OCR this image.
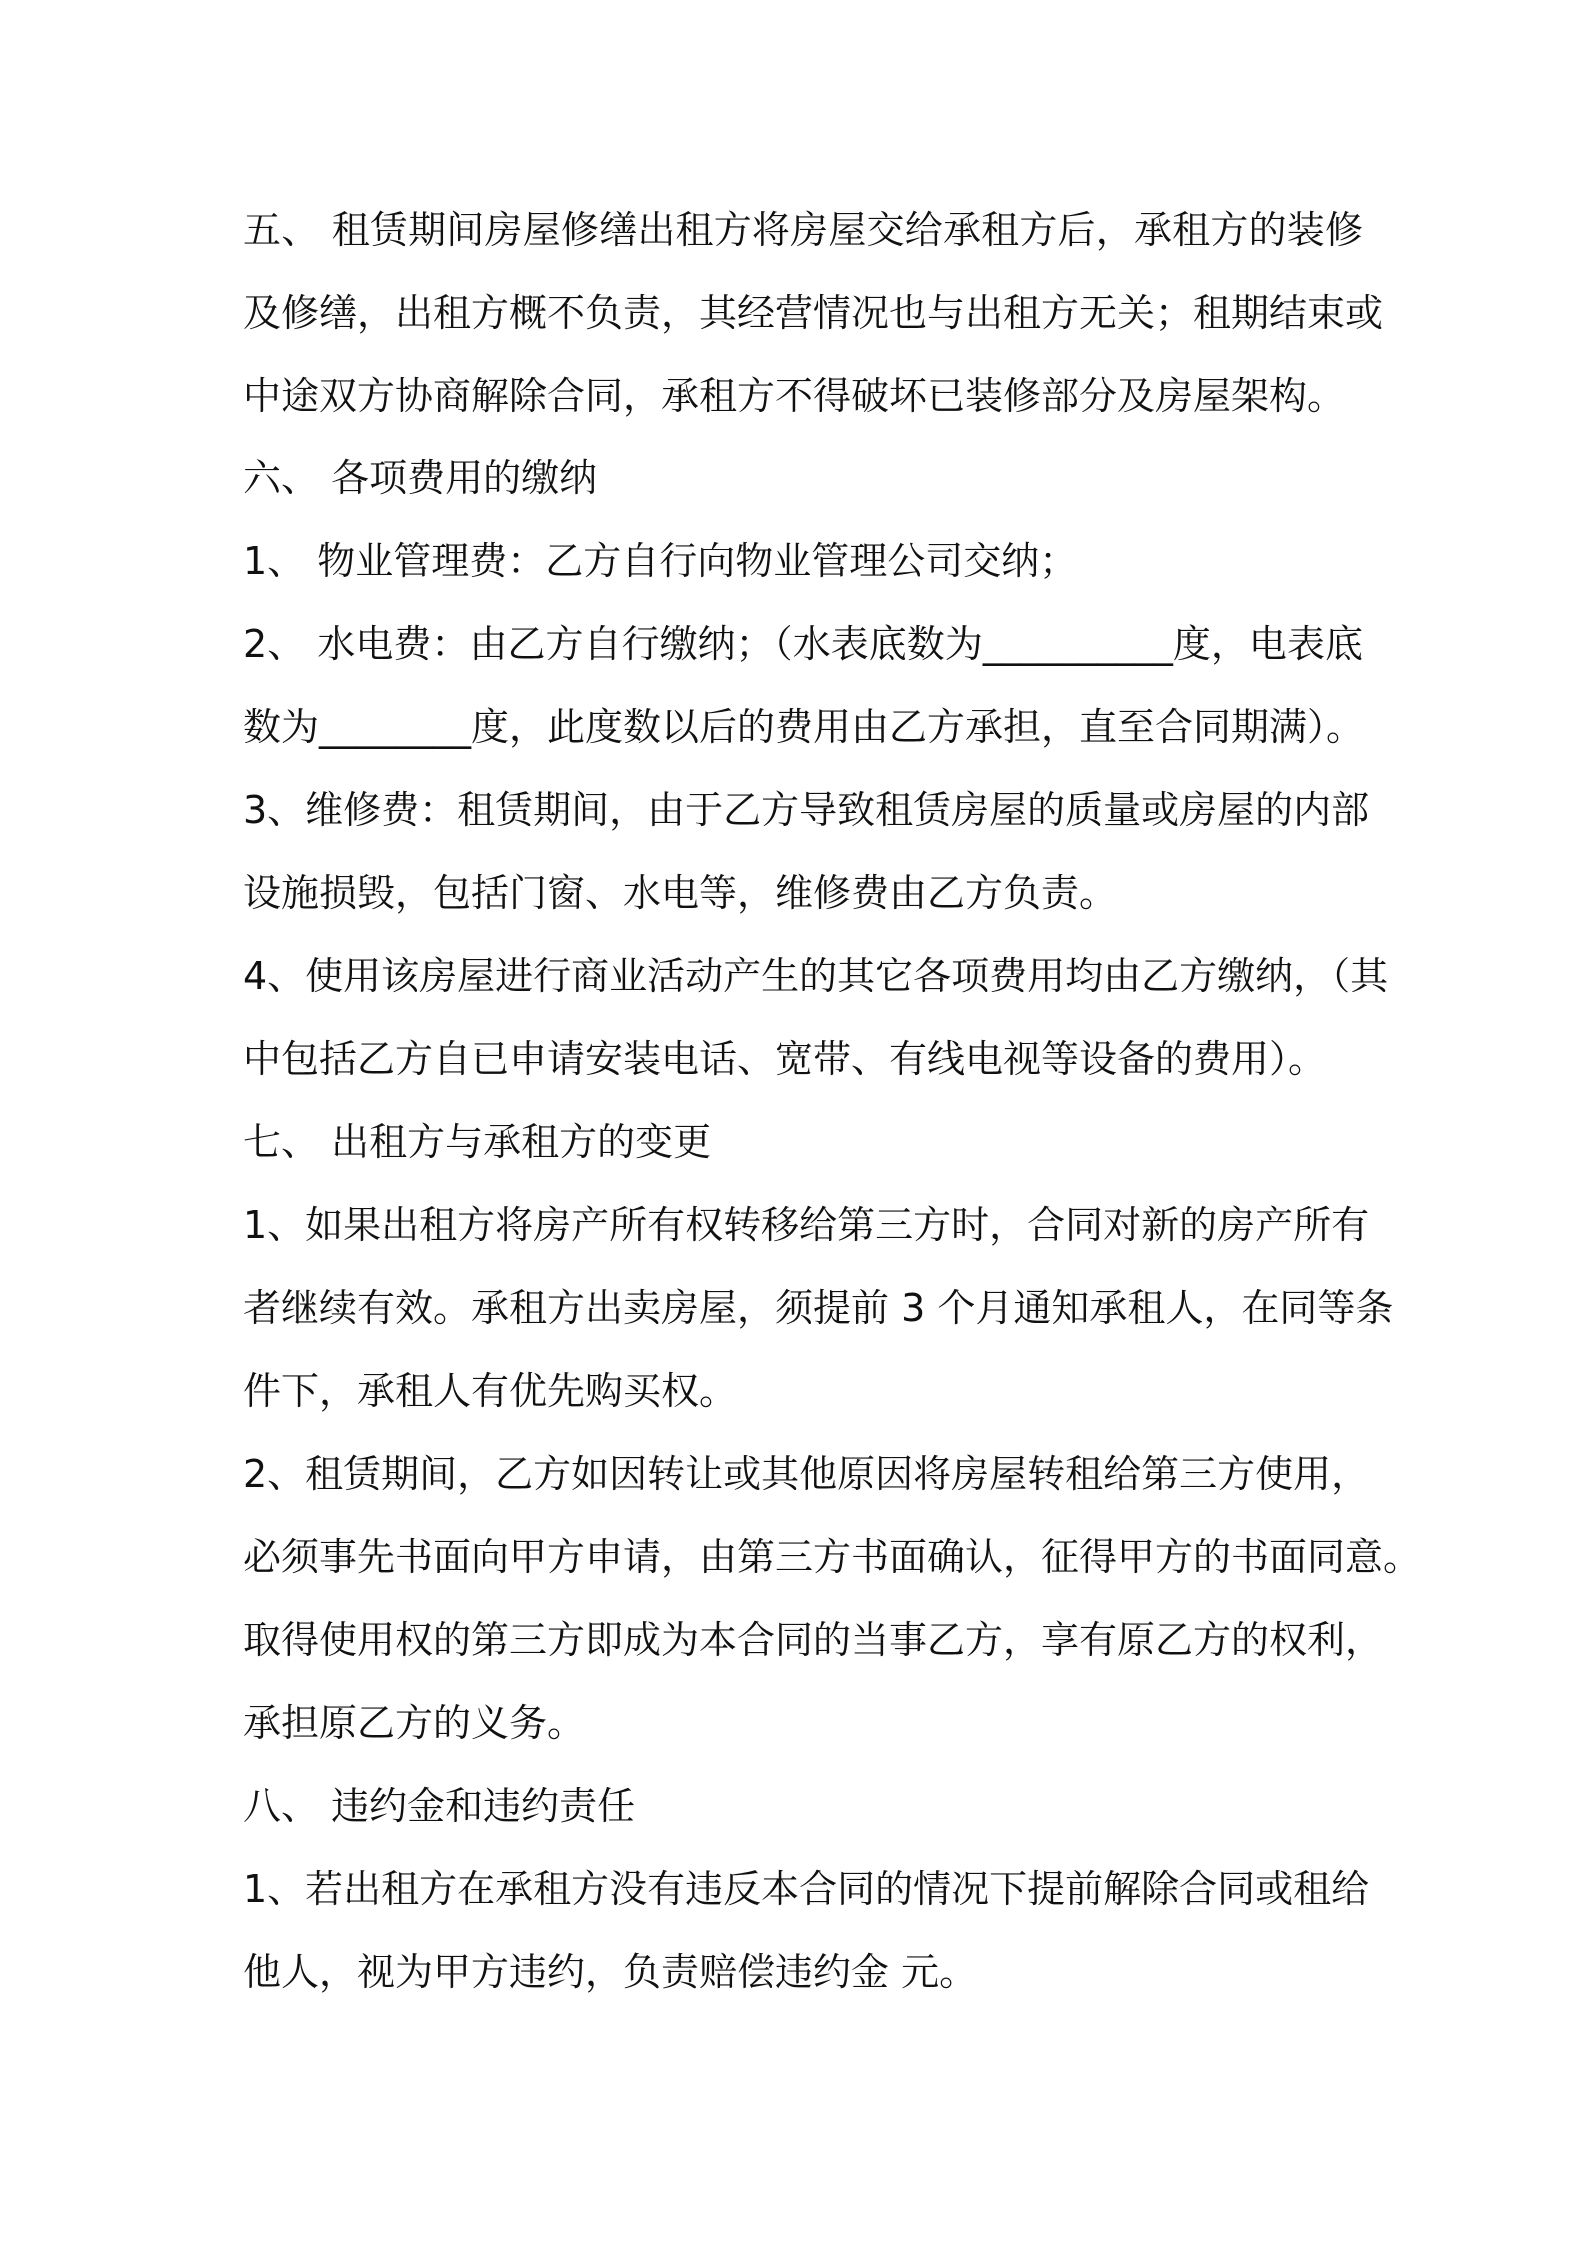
五、 租赁期间房屋修缮出租方将房屋交给承租方后，承租方的装修
及修缮，出租方概不负责，其经营情况也与出租方无关；租期结束或
中途双方协商解除合同，承租方不得破坏已装修部分及房屋架构。
六、 各项费用的缴纳
1、 物业管理费：乙方自行向物业管理公司交纳；
2、 水电费：由乙方自行缴纳；（水表底数为__________度，电表底
数为________度，此度数以后的费用由乙方承担，直至合同期满）。
3、维修费：租赁期间，由于乙方导致租赁房屋的质量或房屋的内部
设施损毁，包括门窗、水电等，维修费由乙方负责。
4、使用该房屋进行商业活动产生的其它各项费用均由乙方缴纳，（其
中包括乙方自已申请安装电话、宽带、有线电视等设备的费用）。
七、 出租方与承租方的变更
1、如果出租方将房产所有权转移给第三方时，合同对新的房产所有
者继续有效。承租方出卖房屋，须提前 3 个月通知承租人，在同等条
件下，承租人有优先购买权。
2、租赁期间，乙方如因转让或其他原因将房屋转租给第三方使用，
必须事先书面向甲方申请，由第三方书面确认，征得甲方的书面同意。
取得使用权的第三方即成为本合同的当事乙方，享有原乙方的权利，
承担原乙方的义务。
八、 违约金和违约责任
1、若出租方在承租方没有违反本合同的情况下提前解除合同或租给
他人，视为甲方违约，负责赔偿违约金 元。
